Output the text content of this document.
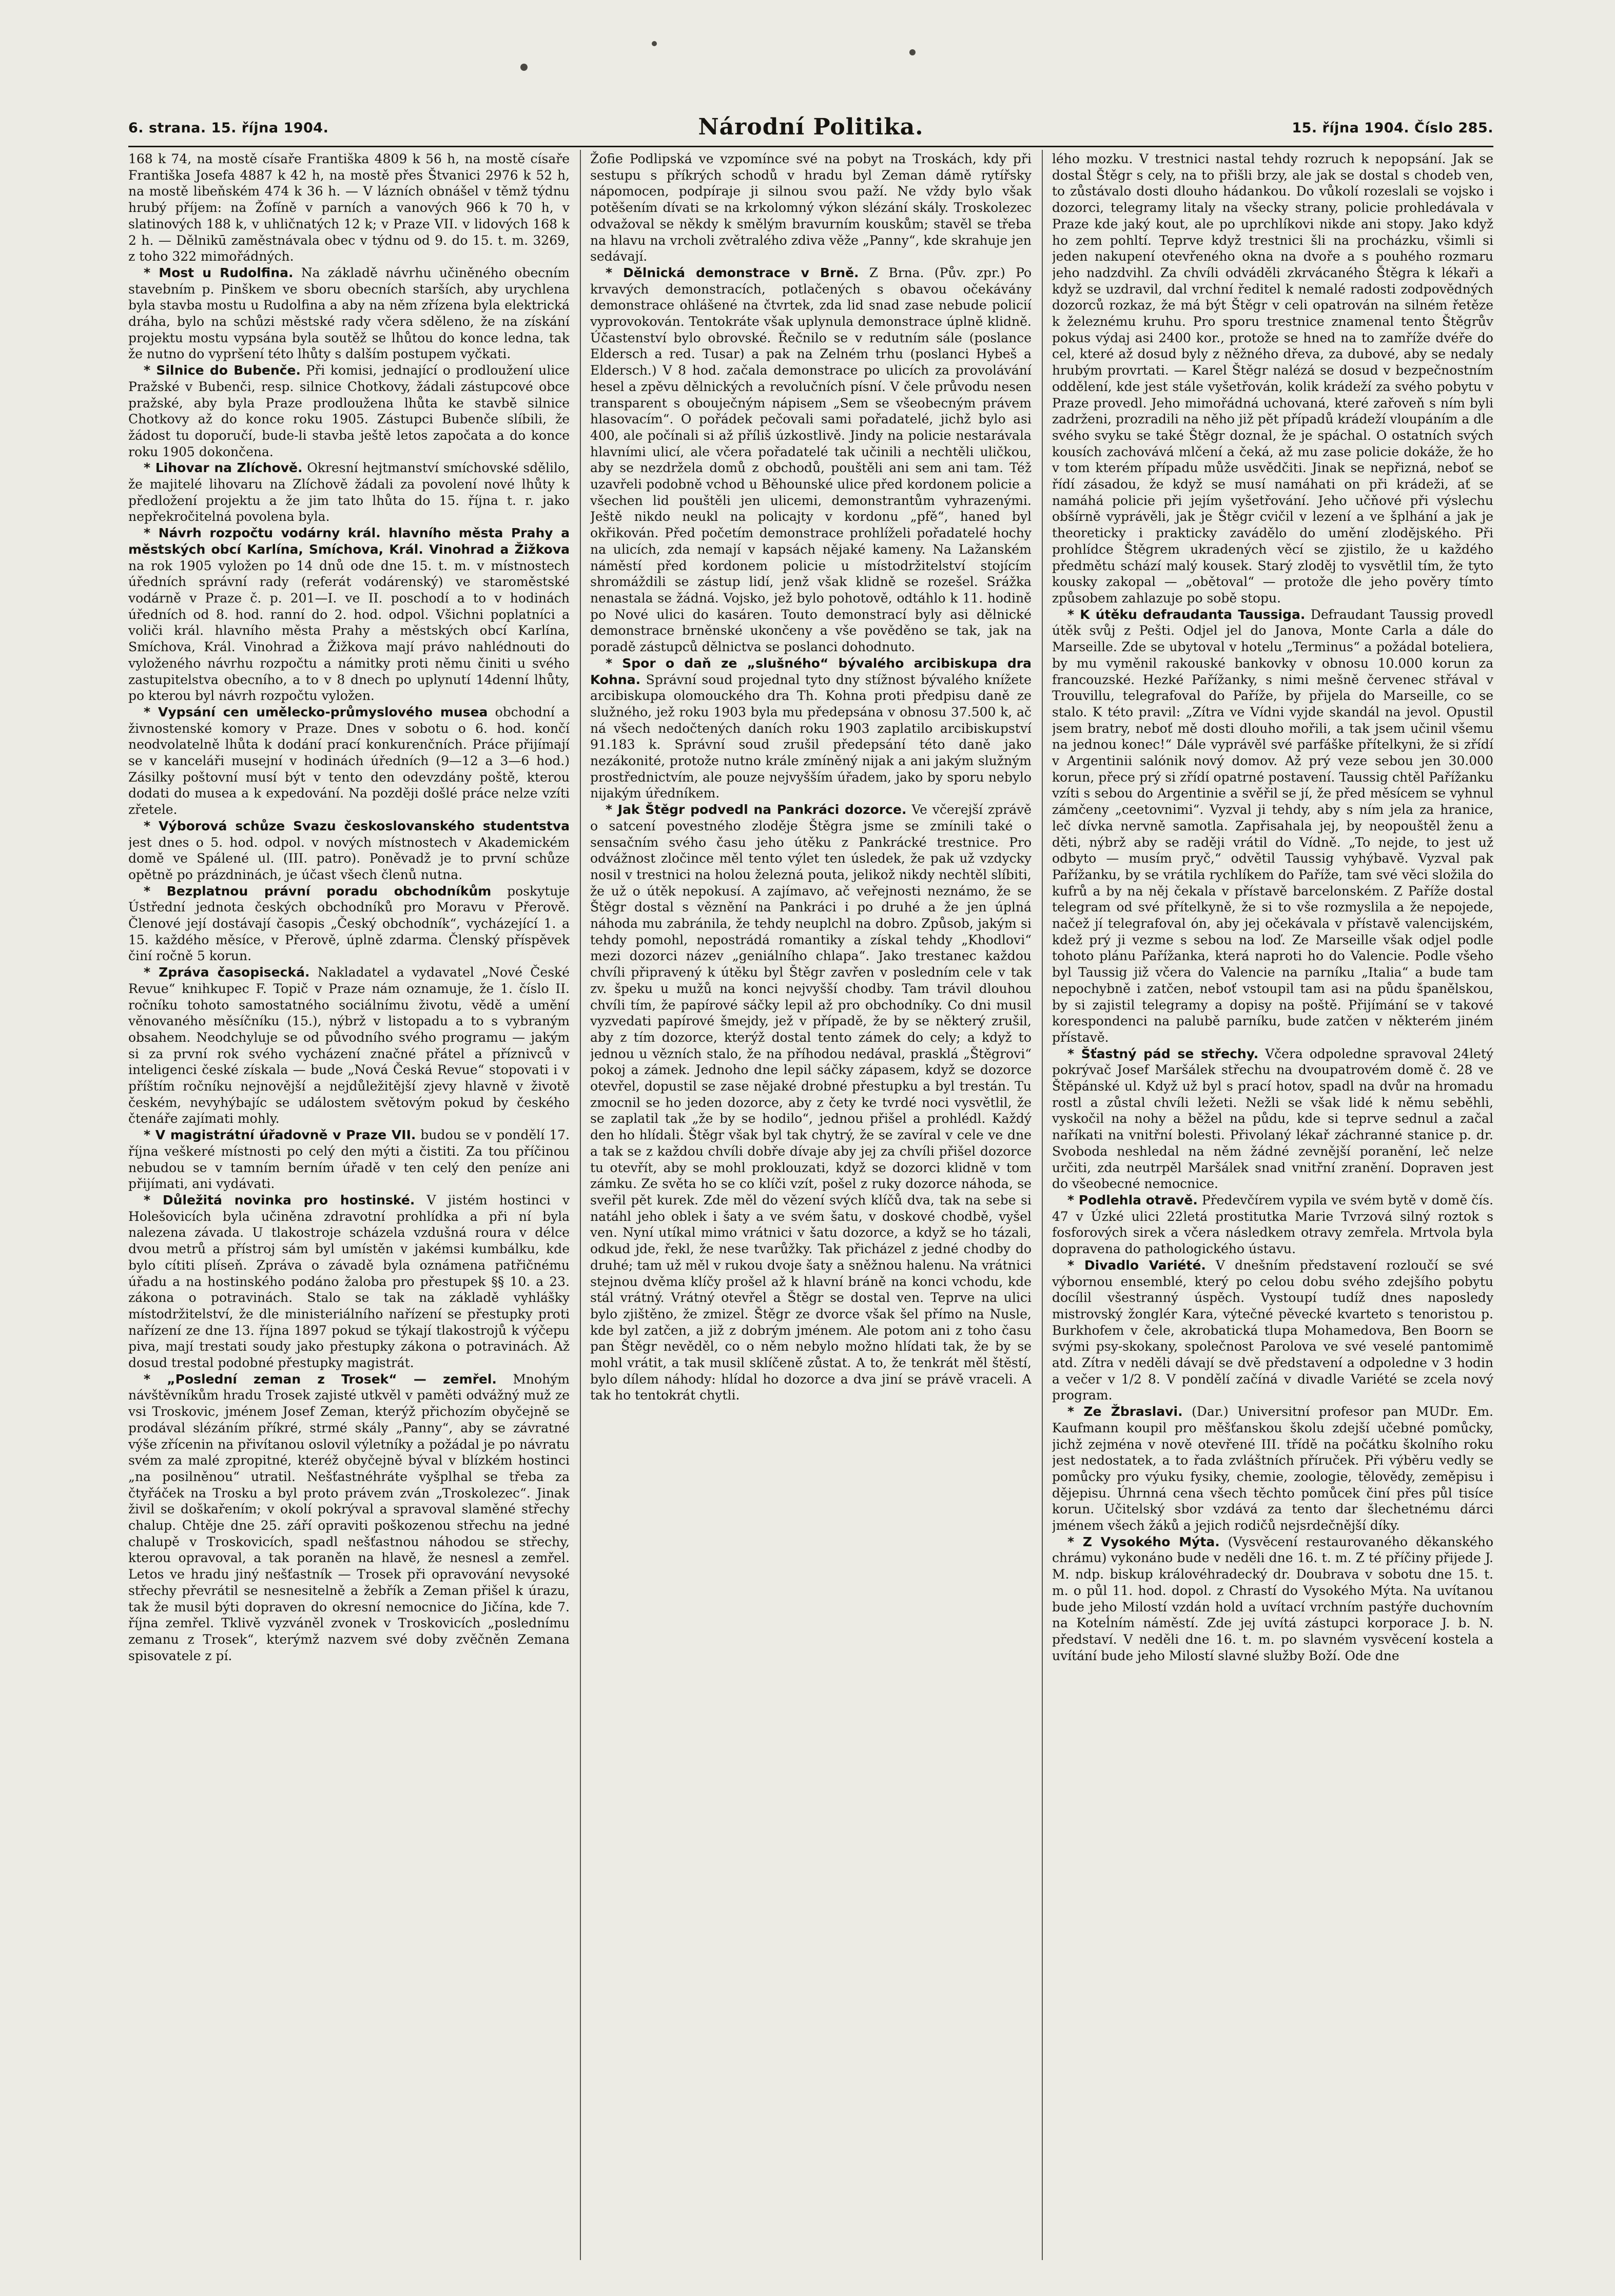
6. strana. 15. října 1904.	Národní Politika.	15. října 1904. Číslo 285.

168 k 74, na mostě císaře Františka 4809 k 56 h, na mostě císaře Františka Josefa 4887 k 42 h, na mostě přes Štvanici 2976 k 52 h, na mostě libeňském 474 k 36 h. — V lázních obnášel v těmž týdnu hrubý příjem: na Žofíně v parních a vanových 966 k 70 h, v slatinových 188 k, v uhličnatých 12 k; v Praze VII. v lidových 168 k 2 h. — Dělnikū zaměstnávala obec v týdnu od 9. do 15. t. m. 3269, z toho 322 mimořádných.

* Most u Rudolfina. Na základě návrhu učiněného obecním stavebním p. Pinškem ve sboru obecních starších, aby urychlena byla stavba mostu u Rudolfina a aby na něm zřízena byla elektrická dráha, bylo na schůzi městské rady včera sděleno, že na získání projektu mostu vypsána byla soutěž se lhůtou do konce ledna, tak že nutno do vypršení této lhůty s dalším postupem vyčkati.

* Silnice do Bubenče. Při komisi, jednající o prodloužení ulice Pražské v Bubenči, resp. silnice Chotkovy, žádali zástupcové obce pražské, aby byla Praze prodloužena lhůta ke stavbě silnice Chotkovy až do konce roku 1905. Zástupci Bubenče slíbili, že žádost tu doporučí, bude-li stavba ještě letos započata a do konce roku 1905 dokončena.

* Lihovar na Zlíchově. Okresní hejtmanství smíchovské sdělilo, že majitelé lihovaru na Zlíchově žádali za povolení nové lhůty k předložení projektu a že jim tato lhůta do 15. října t. r. jako nepřekročitelná povolena byla.

* Návrh rozpočtu vodárny král. hlavního města Prahy a městských obcí Karlína, Smíchova, Král. Vinohrad a Žižkova na rok 1905 vyložen po 14 dnů ode dne 15. t. m. v místnostech úředních správní rady (referát vodárenský) ve staroměstské vodárně v Praze č. p. 201—I. ve II. poschodí a to v hodinách úředních od 8. hod. ranní do 2. hod. odpol. Všichni poplatníci a voliči král. hlavního města Prahy a městských obcí Karlína, Smíchova, Král. Vinohrad a Žižkova mají právo nahlédnouti do vyloženého návrhu rozpočtu a námitky proti němu činiti u svého zastupitelstva obecního, a to v 8 dnech po uplynutí 14denní lhůty, po kterou byl návrh rozpočtu vyložen.

* Vypsání cen umělecko-průmyslového musea obchodní a živnostenské komory v Praze. Dnes v sobotu o 6. hod. končí neodvolatelně lhůta k dodání prací konkurenčních. Práce přijímají se v kanceláři musejní v hodinách úředních (9—12 a 3—6 hod.) Zásilky poštovní musí být v tento den odevzdány poště, kterou dodati do musea a k expedování. Na později došlé práce nelze vzíti zřetele.

* Výborová schůze Svazu českoslovanského studentstva jest dnes o 5. hod. odpol. v nových místnostech v Akademickém domě ve Spálené ul. (III. patro). Poněvadž je to první schůze opětně po prázdninách, je účast všech členů nutna.

* Bezplatnou právní poradu obchodníkům poskytuje Ústřední jednota českých obchodníků pro Moravu v Přerově. Členové její dostávají časopis „Český obchodník“, vycházející 1. a 15. každého měsíce, v Přerově, úplně zdarma. Členský příspěvek činí ročně 5 korun.

* Zpráva časopisecká. Nakladatel a vydavatel „Nové České Revue“ knihkupec F. Topič v Praze nám oznamuje, že 1. číslo II. ročníku tohoto samostatného sociálnímu životu, vědě a umění věnovaného měsíčníku (15.), nýbrž v listopadu a to s vybraným obsahem. Neodchyluje se od původního svého programu — jakým si za první rok svého vycházení značné přátel a příznivců v inteligenci české získala — bude „Nová Česká Revue“ stopovati i v příštím ročníku nejnovější a nejdůležitější zjevy hlavně v životě českém, nevyhýbajíc se událostem světovým pokud by českého čtenáře zajímati mohly.

* V magistrátní úřadovně v Praze VII. budou se v pondělí 17. října veškeré místnosti po celý den mýti a čistiti. Za tou příčinou nebudou se v tamním berním úřadě v ten celý den peníze ani přijímati, ani vydávati.

* Důležitá novinka pro hostinské. V jistém hostinci v Holešovicích byla učiněna zdravotní prohlídka a při ní byla nalezena závada. U tlakostroje scházela vzdušná roura v délce dvou metrů a přístroj sám byl umístěn v jakémsi kumbálku, kde bylo cítiti plíseň. Zpráva o závadě byla oznámena patřičnému úřadu a na hostinského podáno žaloba pro přestupek §§ 10. a 23. zákona o potravinách. Stalo se tak na základě vyhlášky místodržitelství, že dle ministeriálního nařízení se přestupky proti nařízení ze dne 13. října 1897 pokud se týkají tlakostrojů k výčepu piva, mají trestati soudy jako přestupky zákona o potravinách. Až dosud trestal podobné přestupky magistrát.

* „Poslední zeman z Trosek“ — zemřel. Mnohým návštěvníkům hradu Trosek zajisté utkvěl v paměti odvážný muž ze vsi Troskovic, jménem Josef Zeman, kterýž přichozím obyčejně se prodával slézáním příkré, strmé skály „Panny“, aby se závratné výše zřícenin na přivítanou oslovil výletníky a požádal je po návratu svém za malé zpropitné, kteréž obyčejně býval v blízkém hostinci „na posilněnou“ utratil. Nešťastnéhráte vyšplhal se třeba za čtyřáček na Trosku a byl proto právem zván „Troskolezec“. Jinak živil se doškařením; v okolí pokrýval a spravoval slaměné střechy chalup. Chtěje dne 25. září opraviti poškozenou střechu na jedné chalupě v Troskovicích, spadl nešťastnou náhodou se střechy, kterou opravoval, a tak poraněn na hlavě, že nesnesl a zemřel. Letos ve hradu jiný nešťastník — Trosek při opravování nevysoké střechy převrátil se nesnesitelně a žebřík a Zeman přišel k úrazu, tak že musil býti dopraven do okresní nemocnice do Jičína, kde 7. října zemřel. Tklivě vyzváněl zvonek v Troskovicích „poslednímu zemanu z Trosek“, kterýmž nazvem své doby zvěčněn Zemana spisovatele z pí.

Žofie Podlipská ve vzpomínce své na pobyt na Troskách, kdy při sestupu s příkrých schodů v hradu byl Zeman dámě rytířsky nápomocen, podpíraje ji silnou svou paží. Ne vždy bylo však potěšením dívati se na krkolomný výkon slézání skály. Troskolezec odvažoval se někdy k smělým bravurním kouskům; stavěl se třeba na hlavu na vrcholi zvětralého zdiva věže „Panny“, kde skrahuje jen sedávají.

* Dělnická demonstrace v Brně. Z Brna. (Pův. zpr.) Po krvavých demonstracích, potlačených s obavou očekávány demonstrace ohlášené na čtvrtek, zda lid snad zase nebude policií vyprovokován. Tentokráte však uplynula demonstrace úplně klidně. Účastenství bylo obrovské. Řečnilo se v redutním sále (poslance Eldersch a red. Tusar) a pak na Zelném trhu (poslanci Hybeš a Eldersch.) V 8 hod. začala demonstrace po ulicích za provolávání hesel a zpěvu dělnických a revolučních písní. V čele průvodu nesen transparent s obouječným nápisem „Sem se všeobecným právem hlasovacím“. O pořádek pečovali sami pořadatelé, jichž bylo asi 400, ale počínali si až příliš úzkostlivě. Jindy na policie nestarávala hlavními ulicí, ale včera pořadatelé tak učinili a nechtěli uličkou, aby se nezdržela domů z obchodů, pouštěli ani sem ani tam. Též uzavřeli podobně vchod u Běhounské ulice před kordonem policie a všechen lid pouštěli jen ulicemi, demonstrantům vyhrazenými. Ještě nikdo neukl na policajty v kordonu „pfě“, haned byl okřikován. Před početím demonstrace prohlíželi pořadatelé hochy na ulicích, zda nemají v kapsách nějaké kameny. Na Lažanském náměstí před kordonem policie u místodržitelství stojícím shromáždili se zástup lidí, jenž však klidně se rozešel. Srážka nenastala se žádná. Vojsko, jež bylo pohotově, odtáhlo k 11. hodině po Nové ulici do kasáren. Touto demonstrací byly asi dělnické demonstrace brněnské ukončeny a vše pověděno se tak, jak na poradě zástupců dělnictva se poslanci dohodnuto.

* Spor o daň ze „slušného“ bývalého arcibiskupa dra Kohna. Správní soud projednal tyto dny stížnost bývalého knížete arcibiskupa olomouckého dra Th. Kohna proti předpisu daně ze služného, jež roku 1903 byla mu předepsána v obnosu 37.500 k, ač ná všech nedočtených daních roku 1903 zaplatilo arcibiskupství 91.183 k. Správní soud zrušil předepsání této daně jako nezákonité, protože nutno krále zmíněný nijak a ani jakým služným prostřednictvím, ale pouze nejvyšším úřadem, jako by sporu nebylo nijakým úředníkem.

* Jak Štěgr podvedl na Pankráci dozorce. Ve včerejší zprávě o satcení povestného zloděje Štěgra jsme se zmínili také o sensačním svého času jeho útěku z Pankrácké trestnice. Pro odvážnost zločince měl tento výlet ten úsledek, že pak už vzdycky nosil v trestnici na holou železná pouta, jelikož nikdy nechtěl slíbiti, že už o útěk nepokusí. A zajímavo, ač veřejnosti neznámo, že se Štěgr dostal s věznění na Pankráci i po druhé a že jen úplná náhoda mu zabránila, že tehdy neuplchl na dobro. Způsob, jakým si tehdy pomohl, nepostrádá romantiky a získal tehdy „Khodlovi“ mezi dozorci název „geniálního chlapa“. Jako trestanec každou chvíli připravený k útěku byl Štěgr zavřen v posledním cele v tak zv. špeku u mužů na konci nejvyšší chodby. Tam trávil dlouhou chvíli tím, že papírové sáčky lepil až pro obchodníky. Co dni musil vyzvedati papírové šmejdy, jež v případě, že by se některý zrušil, aby z tím dozorce, kterýž dostal tento zámek do cely; a když to jednou u vězních stalo, že na příhodou nedával, prasklá „Štěgrovi“ pokoj a zámek. Jednoho dne lepil sáčky zápasem, když se dozorce otevřel, dopustil se zase nějaké drobné přestupku a byl trestán. Tu zmocnil se ho jeden dozorce, aby z čety ke tvrdé noci vysvětlil, že se zaplatil tak „že by se hodilo“, jednou přišel a prohlédl. Každý den ho hlídali. Štěgr však byl tak chytrý, že se zavíral v cele ve dne a tak se z každou chvíli dobře dívaje aby jej za chvíli přišel dozorce tu otevřít, aby se mohl proklouzati, když se dozorci klidně v tom zámku. Ze světa ho se co klíči vzít, pošel z ruky dozorce náhoda, se sveřil pět kurek. Zde měl do vězení svých klíčů dva, tak na sebe si natáhl jeho oblek i šaty a ve svém šatu, v doskové chodbě, vyšel ven. Nyní utíkal mimo vrátnici v šatu dozorce, a když se ho tázali, odkud jde, řekl, že nese tvarůžky. Tak přicházel z jedné chodby do druhé; tam už měl v rukou dvoje šaty a sněžnou halenu. Na vrátnici stejnou dvěma klíčy prošel až k hlavní bráně na konci vchodu, kde stál vrátný. Vrátný otevřel a Štěgr se dostal ven. Teprve na ulici bylo zjištěno, že zmizel. Štěgr ze dvorce však šel přímo na Nusle, kde byl zatčen, a již z dobrým jménem. Ale potom ani z toho času pan Štěgr nevěděl, co o něm nebylo možno hlídati tak, že by se mohl vrátit, a tak musil sklíčeně zůstat. A to, že tenkrát měl štěstí, bylo dílem náhody: hlídal ho dozorce a dva jiní se právě vraceli. A tak ho tentokrát chytli.

lého mozku. V trestnici nastal tehdy rozruch k nepopsání. Jak se dostal Štěgr s cely, na to přišli brzy, ale jak se dostal s chodeb ven, to zůstávalo dosti dlouho hádankou. Do vůkolí rozeslali se vojsko i dozorci, telegramy litaly na všecky strany, policie prohledávala v Praze kde jaký kout, ale po uprchlíkovi nikde ani stopy. Jako když ho zem pohltí. Teprve když trestnici šli na procházku, všimli si jeden nakupení otevřeného okna na dvoře a s pouhého rozmaru jeho nadzdvihl. Za chvíli odváděli zkrvácaného Štěgra k lékaři a když se uzdravil, dal vrchní ředitel k nemalé radosti zodpovědných dozorců rozkaz, že má být Štěgr v celi opatrován na silném řetěze k železnému kruhu. Pro sporu trestnice znamenal tento Štěgrův pokus výdaj asi 2400 kor., protože se hned na to zamříže dvéře do cel, které až dosud byly z něžného dřeva, za dubové, aby se nedaly hrubým provrtati. — Karel Štěgr nalézá se dosud v bezpečnostním oddělení, kde jest stále vyšetřován, kolik krádeží za svého pobytu v Praze provedl. Jeho mimořádná uchovaná, které zařoveň s ním byli zadrženi, prozradili na něho již pět případů krádeží vloupáním a dle svého svyku se také Štěgr doznal, že je spáchal. O ostatních svých kousích zachovává mlčení a čeká, až mu zase policie dokáže, že ho v tom kterém případu může usvědčiti. Jinak se nepřizná, neboť se řídí zásadou, že když se musí namáhati on při krádeži, ať se namáhá policie při jejím vyšetřování. Jeho učňové při výslechu obšírně vyprávěli, jak je Štěgr cvičil v lezení a ve šplhání a jak je theoreticky i prakticky zavádělo do umění zlodějského. Při prohlídce Štěgrem ukradených věcí se zjistilo, že u každého předmětu schází malý kousek. Starý zloděj to vysvětlil tím, že tyto kousky zakopal — „obětoval“ — protože dle jeho pověry tímto způsobem zahlazuje po sobě stopu.

* K útěku defraudanta Taussiga. Defraudant Taussig provedl útěk svůj z Pešti. Odjel jel do Janova, Monte Carla a dále do Marseille. Zde se ubytoval v hotelu „Terminus“ a požádal boteliera, by mu vyměnil rakouské bankovky v obnosu 10.000 korun za francouzské. Hezké Pařížanky, s nimi mešně červenec střával v Trouvillu, telegrafoval do Paříže, by přijela do Marseille, co se stalo. K této pravil: „Zítra ve Vídni vyjde skandál na jevol. Opustil jsem bratry, neboť mě dosti dlouho mořili, a tak jsem učinil všemu na jednou konec!“ Dále vyprávěl své parfáške přítelkyni, že si zřídí v Argentinii salónik nový domov. Až prý veze sebou jen 30.000 korun, přece prý si zřídí opatrné postavení. Taussig chtěl Pařížanku vzíti s sebou do Argentinie a svěřil se jí, že před měsícem se vyhnul zámčeny „ceetovnimi“. Vyzval ji tehdy, aby s ním jela za hranice, leč dívka nervně samotla. Zapřisahala jej, by neopouštěl ženu a děti, nýbrž aby se raději vrátil do Vídně. „To nejde, to jest už odbyto — musím pryč,“ odvětil Taussig vyhýbavě. Vyzval pak Pařížanku, by se vrátila rychlíkem do Paříže, tam své věci složila do kufrů a by na něj čekala v přístavě barcelonském. Z Paříže dostal telegram od své přítelkyně, že si to vše rozmyslila a že nepojede, načež jí telegrafoval ón, aby jej očekávala v přístavě valencijském, kdež prý ji vezme s sebou na loď. Ze Marseille však odjel podle tohoto plánu Pařížanka, která naproti ho do Valencie. Podle všeho byl Taussig již včera do Valencie na parníku „Italia“ a bude tam nepochybně i zatčen, neboť vstoupil tam asi na půdu španělskou, by si zajistil telegramy a dopisy na poště. Přijímání se v takové korespondenci na palubě parníku, bude zatčen v některém jiném přístavě.

* Šťastný pád se střechy. Včera odpoledne spravoval 24letý pokrývač Josef Maršálek střechu na dvoupatrovém domě č. 28 ve Štěpánské ul. Když už byl s prací hotov, spadl na dvůr na hromadu rostl a zůstal chvíli ležeti. Nežli se však lidé k němu seběhli, vyskočil na nohy a běžel na půdu, kde si teprve sednul a začal naříkati na vnitřní bolesti. Přivolaný lékař záchranné stanice p. dr. Svoboda neshledal na něm žádné zevnější poranění, leč nelze určiti, zda neutrpěl Maršálek snad vnitřní zranění. Dopraven jest do všeobecné nemocnice.

* Podlehla otravě. Předevčírem vypila ve svém bytě v domě čís. 47 v Úzké ulici 22letá prostitutka Marie Tvrzová silný roztok s fosforových sirek a včera následkem otravy zemřela. Mrtvola byla dopravena do pathologického ústavu.

* Divadlo Variété. V dnešním představení rozloučí se své výbornou ensemblé, který po celou dobu svého zdejšího pobytu docílil všestranný úspěch. Vystoupí tudíž dnes naposledy mistrovský žonglér Kara, výtečné pěvecké kvarteto s tenoristou p. Burkhofem v čele, akrobatická tlupa Mohamedova, Ben Boorn se svými psy-skokany, společnost Parolova ve své veselé pantomimě atd. Zítra v neděli dávají se dvě představení a odpoledne v 3 hodin a večer v 1/2 8. V pondělí začíná v divadle Variété se zcela nový program.

* Ze Žbraslavi. (Dar.) Universitní profesor pan MUDr. Em. Kaufmann koupil pro měšťanskou školu zdejší učebné pomůcky, jichž zejména v nově otevřené III. třídě na počátku školního roku jest nedostatek, a to řada zvláštních příruček. Při výběru vedly se pomůcky pro výuku fysiky, chemie, zoologie, tělovědy, zeměpisu i dějepisu. Úhrnná cena všech těchto pomůcek činí přes půl tisíce korun. Učitelský sbor vzdává za tento dar šlechetnému dárci jménem všech žáků a jejich rodičů nejsrdečnější díky.

* Z Vysokého Mýta. (Vysvěcení restaurovaného děkanského chrámu) vykonáno bude v neděli dne 16. t. m. Z té příčiny přijede J. M. ndp. biskup královéhradecký dr. Doubrava v sobotu dne 15. t. m. o půl 11. hod. dopol. z Chrastí do Vysokého Mýta. Na uvítanou bude jeho Milostí vzdán hold a uvítací vrchním pastýře duchovním na Koteĺním náměstí. Zde jej uvítá zástupci korporace J. b. N. představí. V neděli dne 16. t. m. po slavném vysvěcení kostela a uvítání bude jeho Milostí slavné služby Boží. Ode dne
